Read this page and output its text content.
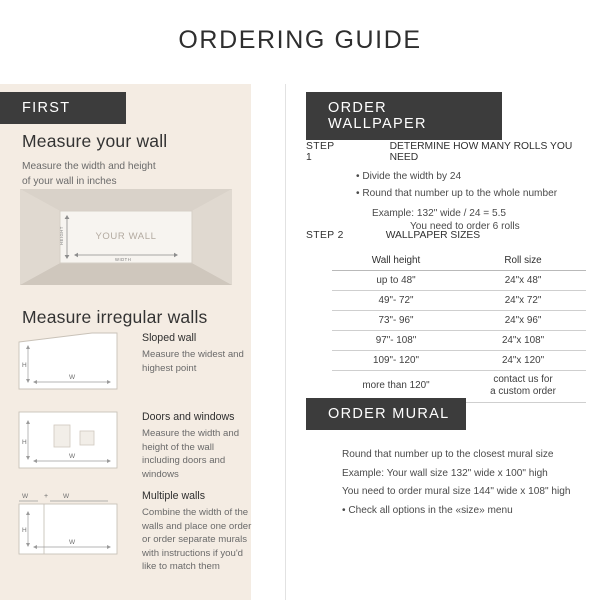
ORDERING GUIDE
FIRST
Measure your wall
Measure the width and height
of your wall in inches
HEIGHT
WIDTH
YOUR WALL
Measure irregular walls
H
W
Sloped wall
Measure the widest and highest point
H
W
Doors and windows
Measure the width and height of the wall including doors and windows
W + W
H
W
Multiple walls
Combine the width of the walls and place one order or order separate murals with instructions if you'd like to match them
ORDER WALLPAPER
STEP 1
DETERMINE HOW MANY ROLLS YOU NEED
• Divide the width by 24
• Round that number up to the whole number
Example: 132" wide / 24 = 5.5
You need to order 6 rolls
STEP 2	WALLPAPER SIZES
Wall height	Roll size
up to 48"	24"x 48"
49"- 72"	24"x 72"
73"- 96"	24"x 96"
97"- 108"	24"x 108"
109"- 120"	24"x 120"
more than 120"	contact us for
a custom order
ORDER MURAL
Round that number up to the closest mural size
Example: Your wall size 132" wide x 100" high
You need to order mural size 144" wide x 108" high
• Check all options in the «size» menu
